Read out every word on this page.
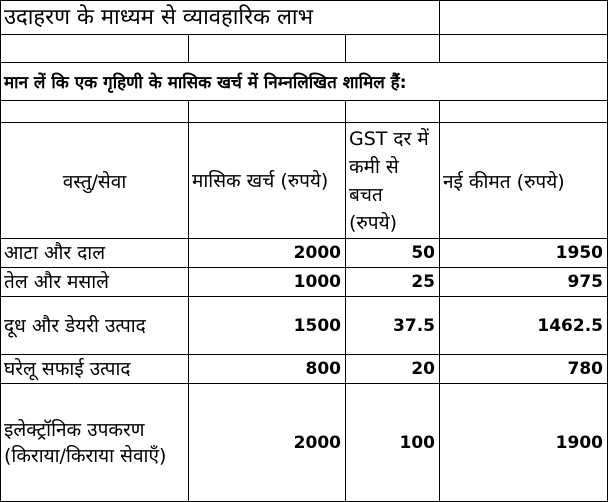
उदाहरण के माध्यम से व्यावहारिक लाभ			

मान लें कि एक गृहिणी के मासिक खर्च में निम्नलिखित शामिल हैं:			

वस्तु/सेवा	मासिक खर्च (रुपये)	GST दर में कमी से बचत (रुपये)	नई कीमत (रुपये)
आटा और दाल	2000	50	1950
तेल और मसाले	1000	25	975
दूध और डेयरी उत्पाद	1500	37.5	1462.5
घरेलू सफाई उत्पाद	800	20	780
इलेक्ट्रॉनिक उपकरण (किराया/किराया सेवाएँ)	2000	100	1900
